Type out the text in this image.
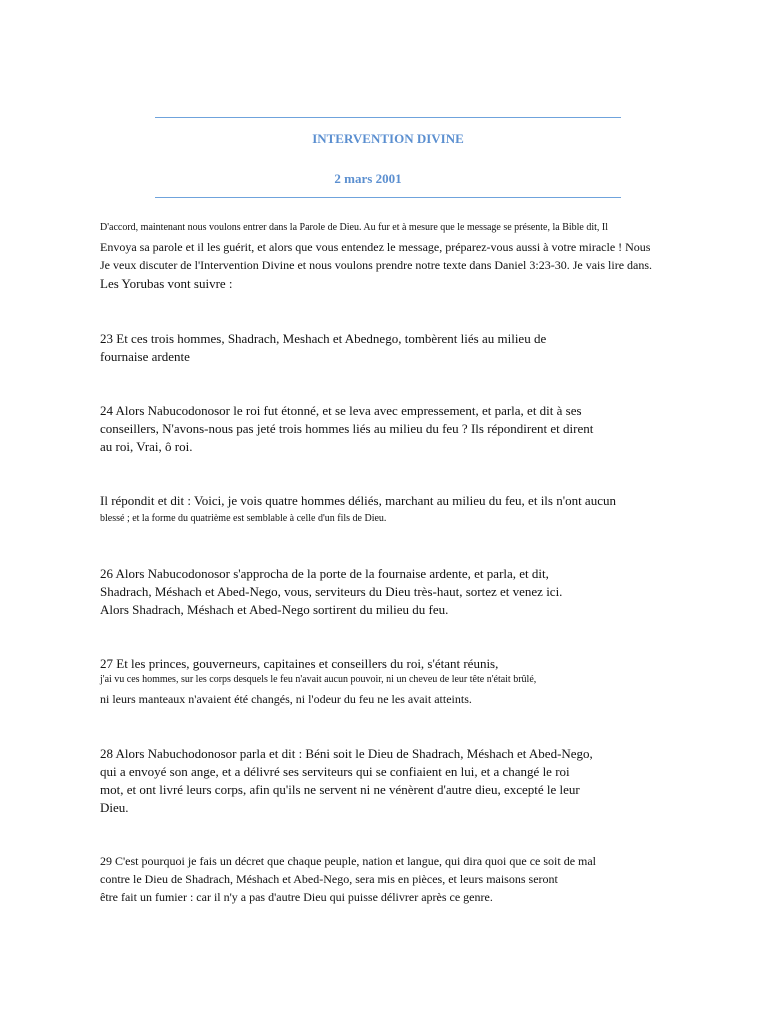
INTERVENTION DIVINE
2 mars 2001
D'accord, maintenant nous voulons entrer dans la Parole de Dieu. Au fur et à mesure que le message se présente, la Bible dit, Il
Envoya sa parole et il les guérit, et alors que vous entendez le message, préparez-vous aussi à votre miracle ! Nous
Je veux discuter de l'Intervention Divine et nous voulons prendre notre texte dans Daniel 3:23-30. Je vais lire dans.
Les Yorubas vont suivre :
23 Et ces trois hommes, Shadrach, Meshach et Abednego, tombèrent liés au milieu de
fournaise ardente
24 Alors Nabucodonosor le roi fut étonné, et se leva avec empressement, et parla, et dit à ses
conseillers, N'avons-nous pas jeté trois hommes liés au milieu du feu ? Ils répondirent et dirent
au roi, Vrai, ô roi.
Il répondit et dit : Voici, je vois quatre hommes déliés, marchant au milieu du feu, et ils n'ont aucun
blessé ; et la forme du quatrième est semblable à celle d'un fils de Dieu.
26 Alors Nabucodonosor s'approcha de la porte de la fournaise ardente, et parla, et dit,
Shadrach, Méshach et Abed-Nego, vous, serviteurs du Dieu très-haut, sortez et venez ici.
Alors Shadrach, Méshach et Abed-Nego sortirent du milieu du feu.
27 Et les princes, gouverneurs, capitaines et conseillers du roi, s'étant réunis,
j'ai vu ces hommes, sur les corps desquels le feu n'avait aucun pouvoir, ni un cheveu de leur tête n'était brûlé,
ni leurs manteaux n'avaient été changés, ni l'odeur du feu ne les avait atteints.
28 Alors Nabuchodonosor parla et dit : Béni soit le Dieu de Shadrach, Méshach et Abed-Nego,
qui a envoyé son ange, et a délivré ses serviteurs qui se confiaient en lui, et a changé le roi
mot, et ont livré leurs corps, afin qu'ils ne servent ni ne vénèrent d'autre dieu, excepté le leur
Dieu.
29 C'est pourquoi je fais un décret que chaque peuple, nation et langue, qui dira quoi que ce soit de mal
contre le Dieu de Shadrach, Méshach et Abed-Nego, sera mis en pièces, et leurs maisons seront
être fait un fumier : car il n'y a pas d'autre Dieu qui puisse délivrer après ce genre.
